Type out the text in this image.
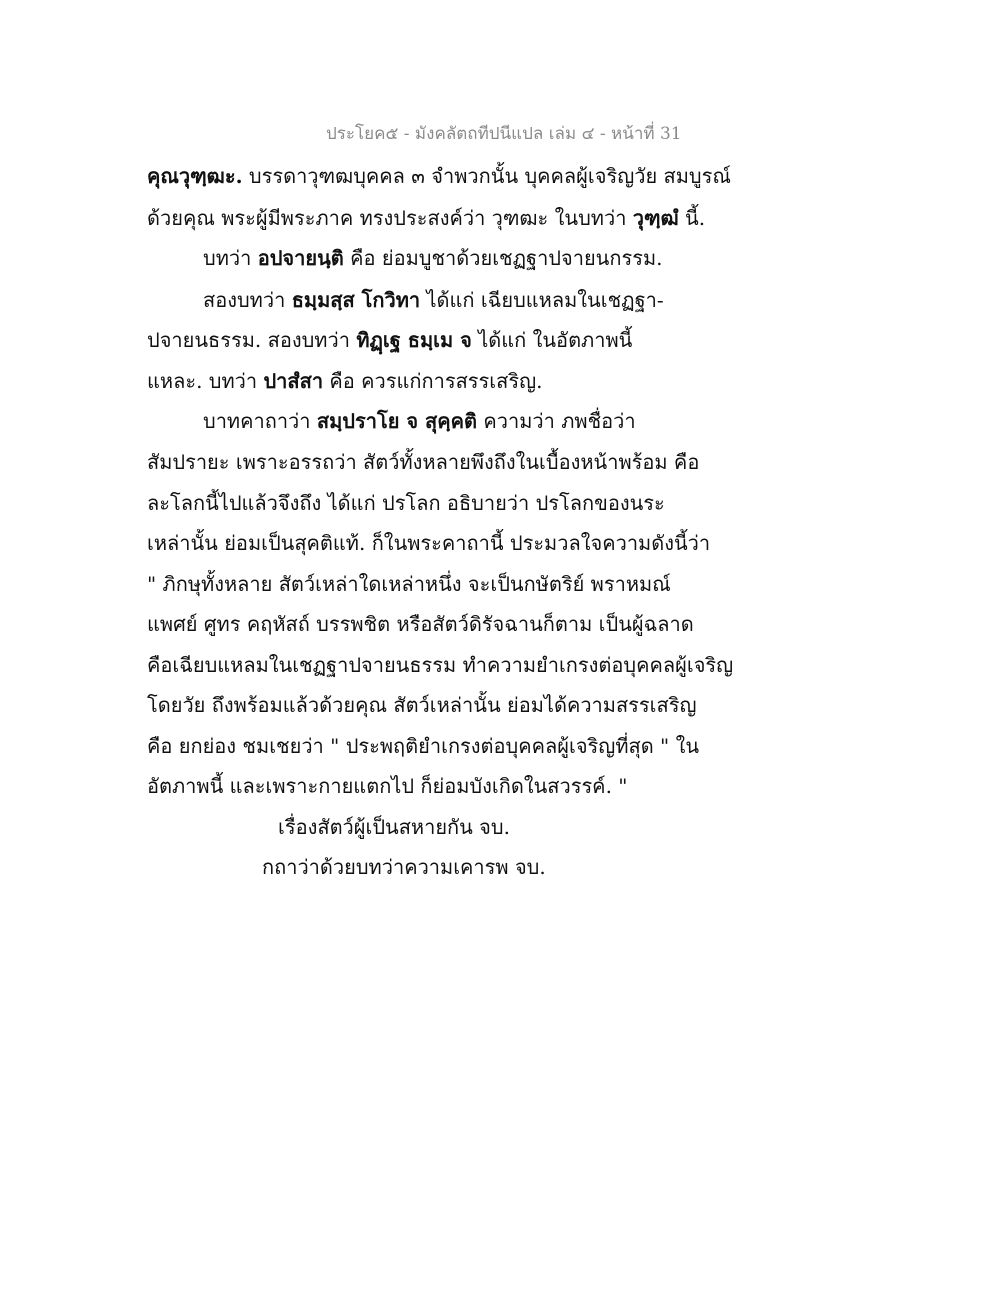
ประโยค๕ - มังคลัตถทีปนีแปล เล่ม ๔ - หน้าที่ 31
คุณวุฑฺฒะ. บรรดาวุฑฒบุคคล ๓ จำพวกนั้น บุคคลผู้เจริญวัย สมบูรณ์
ด้วยคุณ พระผู้มีพระภาค ทรงประสงค์ว่า วุฑฒะ ในบทว่า วุฑฺฒํ นี้.
บทว่า อปจายนฺติ คือ ย่อมบูชาด้วยเชฏฐาปจายนกรรม.
สองบทว่า ธมฺมสฺส โกวิทา ได้แก่ เฉียบแหลมในเชฏฐา-
ปจายนธรรม. สองบทว่า ทิฏฺเฐ ธมฺเม จ ได้แก่ ในอัตภาพนี้
แหละ. บทว่า ปาสํสา คือ ควรแก่การสรรเสริญ.
บาทคาถาว่า สมฺปราโย จ สุคฺคติ ความว่า ภพชื่อว่า
สัมปรายะ เพราะอรรถว่า สัตว์ทั้งหลายพึงถึงในเบื้องหน้าพร้อม คือ
ละโลกนี้ไปแล้วจึงถึง ได้แก่ ปรโลก อธิบายว่า ปรโลกของนระ
เหล่านั้น ย่อมเป็นสุคติแท้. ก็ในพระคาถานี้ ประมวลใจความดังนี้ว่า
" ภิกษุทั้งหลาย สัตว์เหล่าใดเหล่าหนึ่ง จะเป็นกษัตริย์ พราหมณ์
แพศย์ ศูทร คฤหัสถ์ บรรพชิต หรือสัตว์ดิรัจฉานก็ตาม เป็นผู้ฉลาด
คือเฉียบแหลมในเชฏฐาปจายนธรรม ทำความยำเกรงต่อบุคคลผู้เจริญ
โดยวัย ถึงพร้อมแล้วด้วยคุณ สัตว์เหล่านั้น ย่อมได้ความสรรเสริญ
คือ ยกย่อง ชมเชยว่า " ประพฤติยำเกรงต่อบุคคลผู้เจริญที่สุด " ใน
อัตภาพนี้ และเพราะกายแตกไป ก็ย่อมบังเกิดในสวรรค์. "
เรื่องสัตว์ผู้เป็นสหายกัน จบ.
กถาว่าด้วยบทว่าความเคารพ จบ.
